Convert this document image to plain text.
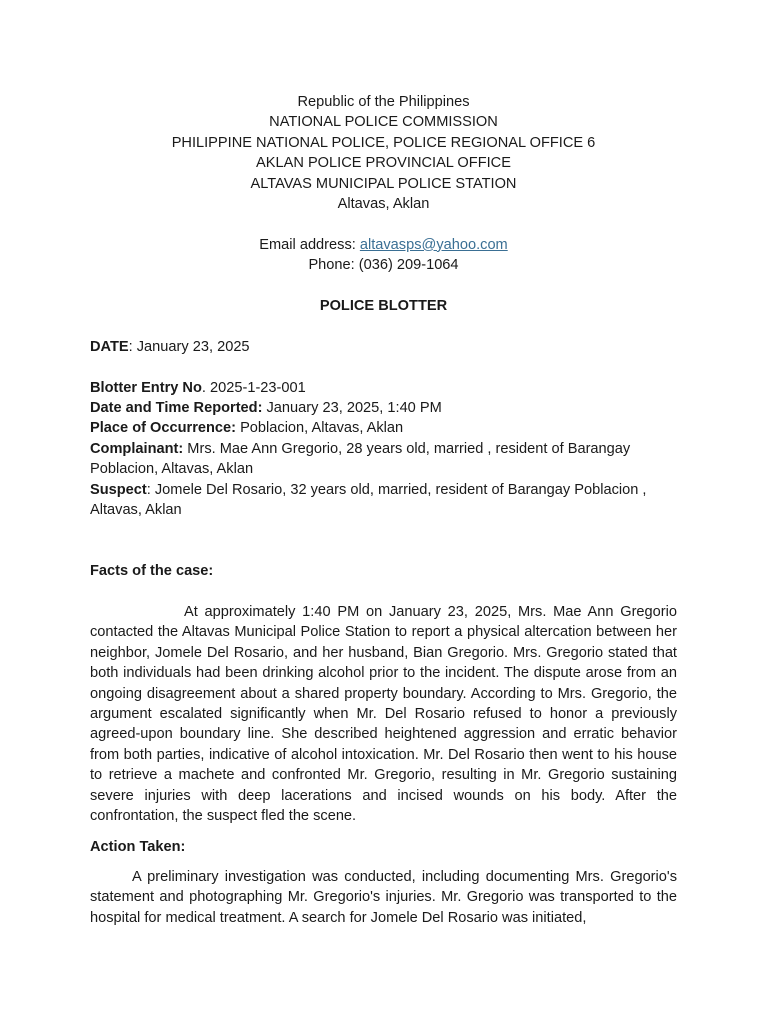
Republic of the Philippines
NATIONAL POLICE COMMISSION
PHILIPPINE NATIONAL POLICE, POLICE REGIONAL OFFICE 6
AKLAN POLICE PROVINCIAL OFFICE
ALTAVAS MUNICIPAL POLICE STATION
Altavas, Aklan
Email address: altavasps@yahoo.com
Phone: (036) 209-1064
POLICE BLOTTER
DATE: January 23, 2025
Blotter Entry No. 2025-1-23-001
Date and Time Reported: January 23, 2025, 1:40 PM
Place of Occurrence: Poblacion, Altavas, Aklan
Complainant: Mrs. Mae Ann Gregorio, 28 years old, married , resident of Barangay Poblacion, Altavas, Aklan
Suspect: Jomele Del Rosario, 32 years old, married, resident of Barangay Poblacion , Altavas, Aklan
Facts of the case:

At approximately 1:40 PM on January 23, 2025, Mrs. Mae Ann Gregorio contacted the Altavas Municipal Police Station to report a physical altercation between her neighbor, Jomele Del Rosario, and her husband, Bian Gregorio. Mrs. Gregorio stated that both individuals had been drinking alcohol prior to the incident. The dispute arose from an ongoing disagreement about a shared property boundary. According to Mrs. Gregorio, the argument escalated significantly when Mr. Del Rosario refused to honor a previously agreed-upon boundary line. She described heightened aggression and erratic behavior from both parties, indicative of alcohol intoxication. Mr. Del Rosario then went to his house to retrieve a machete and confronted Mr. Gregorio, resulting in Mr. Gregorio sustaining severe injuries with deep lacerations and incised wounds on his body. After the confrontation, the suspect fled the scene.

Action Taken:

A preliminary investigation was conducted, including documenting Mrs. Gregorio's statement and photographing Mr. Gregorio's injuries. Mr. Gregorio was transported to the hospital for medical treatment. A search for Jomele Del Rosario was initiated,
